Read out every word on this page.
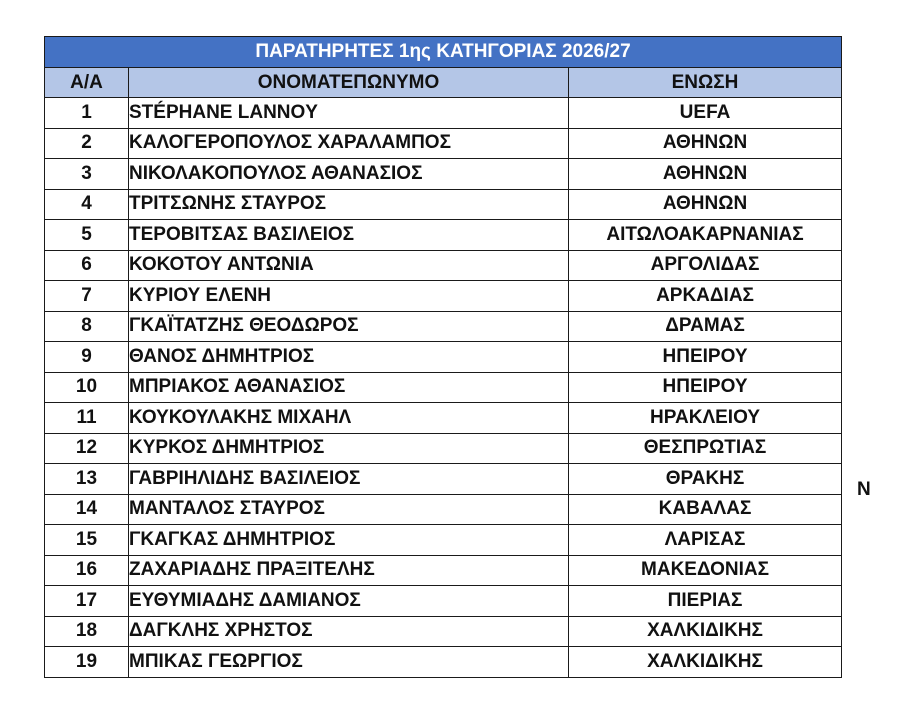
ΠΑΡΑΤΗΡΗΤΕΣ 1ης ΚΑΤΗΓΟΡΙΑΣ 2026/27		
Α/Α	ΟΝΟΜΑΤΕΠΩΝΥΜΟ	ΕΝΩΣΗ
1	STÉPHANE LANNOY	UEFA
2	ΚΑΛΟΓΕΡΟΠΟΥΛΟΣ ΧΑΡΑΛΑΜΠΟΣ	ΑΘΗΝΩΝ
3	ΝΙΚΟΛΑΚΟΠΟΥΛΟΣ ΑΘΑΝΑΣΙΟΣ	ΑΘΗΝΩΝ
4	ΤΡΙΤΣΩΝΗΣ ΣΤΑΥΡΟΣ	ΑΘΗΝΩΝ
5	ΤΕΡΟΒΙΤΣΑΣ ΒΑΣΙΛΕΙΟΣ	ΑΙΤΩΛΟΑΚΑΡΝΑΝΙΑΣ
6	ΚΟΚΟΤΟΥ ΑΝΤΩΝΙΑ	ΑΡΓΟΛΙΔΑΣ
7	ΚΥΡΙΟΥ ΕΛΕΝΗ	ΑΡΚΑΔΙΑΣ
8	ΓΚΑΪΤΑΤΖΗΣ ΘΕΟΔΩΡΟΣ	ΔΡΑΜΑΣ
9	ΘΑΝΟΣ ΔΗΜΗΤΡΙΟΣ	ΗΠΕΙΡΟΥ
10	ΜΠΡΙΑΚΟΣ ΑΘΑΝΑΣΙΟΣ	ΗΠΕΙΡΟΥ
11	ΚΟΥΚΟΥΛΑΚΗΣ ΜΙΧΑΗΛ	ΗΡΑΚΛΕΙΟΥ
12	ΚΥΡΚΟΣ ΔΗΜΗΤΡΙΟΣ	ΘΕΣΠΡΩΤΙΑΣ
13	ΓΑΒΡΙΗΛΙΔΗΣ ΒΑΣΙΛΕΙΟΣ	ΘΡΑΚΗΣ
14	ΜΑΝΤΑΛΟΣ ΣΤΑΥΡΟΣ	ΚΑΒΑΛΑΣ
15	ΓΚΑΓΚΑΣ ΔΗΜΗΤΡΙΟΣ	ΛΑΡΙΣΑΣ
16	ΖΑΧΑΡΙΑΔΗΣ ΠΡΑΞΙΤΕΛΗΣ	ΜΑΚΕΔΟΝΙΑΣ
17	ΕΥΘΥΜΙΑΔΗΣ ΔΑΜΙΑΝΟΣ	ΠΙΕΡΙΑΣ
18	ΔΑΓΚΛΗΣ ΧΡΗΣΤΟΣ	ΧΑΛΚΙΔΙΚΗΣ
19	ΜΠΙΚΑΣ ΓΕΩΡΓΙΟΣ	ΧΑΛΚΙΔΙΚΗΣ
N
